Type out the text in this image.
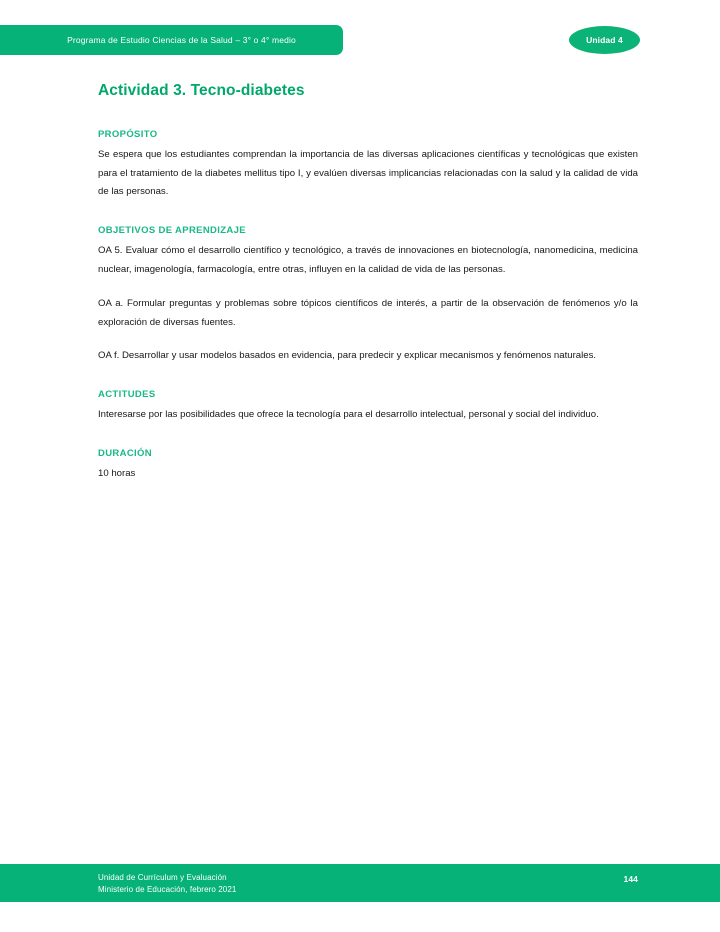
Programa de Estudio Ciencias de la Salud – 3° o 4° medio	Unidad 4
Actividad 3. Tecno-diabetes
PROPÓSITO

Se espera que los estudiantes comprendan la importancia de las diversas aplicaciones científicas y tecnológicas que existen para el tratamiento de la diabetes mellitus tipo I, y evalúen diversas implicancias relacionadas con la salud y la calidad de vida de las personas.

OBJETIVOS DE APRENDIZAJE

OA 5. Evaluar cómo el desarrollo científico y tecnológico, a través de innovaciones en biotecnología, nanomedicina, medicina nuclear, imagenología, farmacología, entre otras, influyen en la calidad de vida de las personas.

OA a. Formular preguntas y problemas sobre tópicos científicos de interés, a partir de la observación de fenómenos y/o la exploración de diversas fuentes.

OA f. Desarrollar y usar modelos basados en evidencia, para predecir y explicar mecanismos y fenómenos naturales.

ACTITUDES

Interesarse por las posibilidades que ofrece la tecnología para el desarrollo intelectual, personal y social del individuo.

DURACIÓN

10 horas

Unidad de Currículum y Evaluación
Ministerio de Educación, febrero 2021
144
